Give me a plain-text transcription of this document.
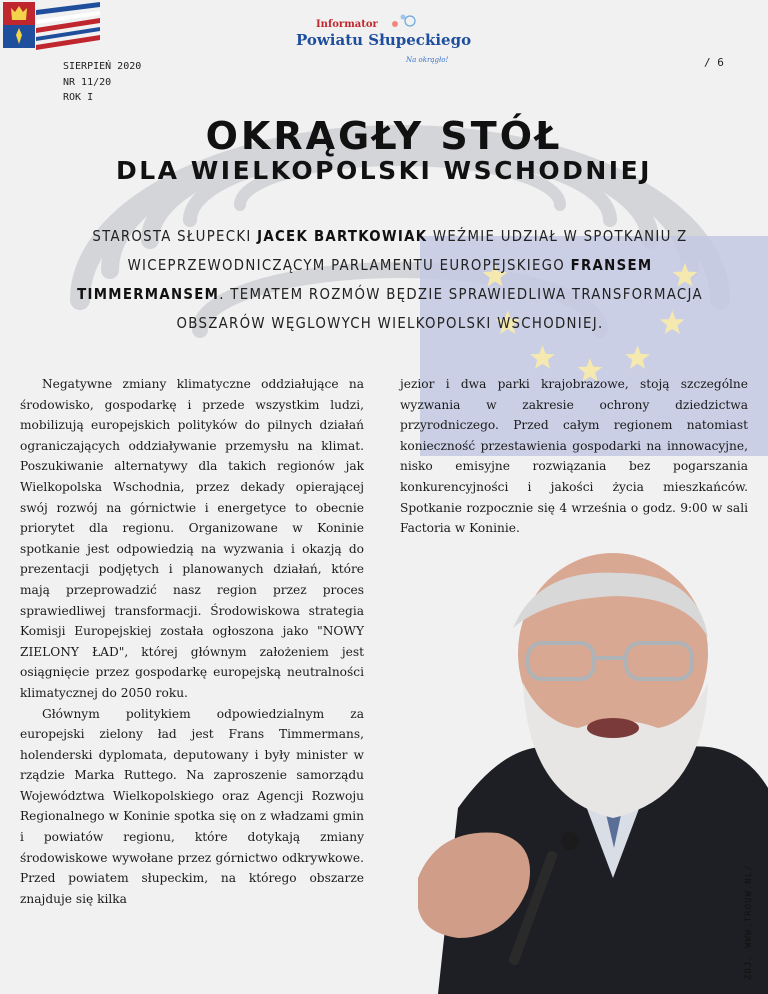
Informator
Powiatu Słupeckiego
Na okrągło!
SIERPIEŃ 2020
NR 11/20
ROK I
/ 6
OKRĄGŁY STÓŁ
DLA WIELKOPOLSKI WSCHODNIEJ
STAROSTA SŁUPECKI JACEK BARTKOWIAK WEŹMIE UDZIAŁ W SPOTKANIU Z WICEPRZEWODNICZĄCYM PARLAMENTU EUROPEJSKIEGO FRANSEM TIMMERMANSEM. TEMATEM ROZMÓW BĘDZIE SPRAWIEDLIWA TRANSFORMACJA OBSZARÓW WĘGLOWYCH WIELKOPOLSKI WSCHODNIEJ.

Negatywne zmiany klimatyczne oddziałujące na środowisko, gospodarkę i przede wszystkim ludzi, mobilizują europejskich polityków do pilnych działań ograniczających oddziaływanie przemysłu na klimat. Poszukiwanie alternatywy dla takich regionów jak Wielkopolska Wschodnia, przez dekady opierającej swój rozwój na górnictwie i energetyce to obecnie priorytet dla regionu. Organizowane w Koninie spotkanie jest odpowiedzią na wyzwania i okazją do prezentacji podjętych i planowanych działań, które mają przeprowadzić nasz region przez proces sprawiedliwej transformacji. Środowiskowa strategia Komisji Europejskiej została ogłoszona jako "NOWY ZIELONY ŁAD", której głównym założeniem jest osiągnięcie przez gospodarkę europejską neutralności klimatycznej do 2050 roku.

Głównym politykiem odpowiedzialnym za europejski zielony ład jest Frans Timmermans, holenderski dyplomata, deputowany i były minister w rządzie Marka Ruttego. Na zaproszenie samorządu Województwa Wielkopolskiego oraz Agencji Rozwoju Regionalnego w Koninie spotka się on z władzami gmin i powiatów regionu, które dotykają zmiany środowiskowe wywołane przez górnictwo odkrywkowe. Przed powiatem słupeckim, na którego obszarze znajduje się kilka

jezior i dwa parki krajobrazowe, stoją szczególne wyzwania w zakresie ochrony dziedzictwa przyrodniczego. Przed całym regionem natomiast konieczność przestawienia gospodarki na innowacyjne, nisko emisyjne rozwiązania bez pogarszania konkurencyjności i jakości życia mieszkańców. Spotkanie rozpocznie się 4 września o godz. 9:00 w sali Factoria w Koninie.

ZDJ. WWW.TROUW.NL/
